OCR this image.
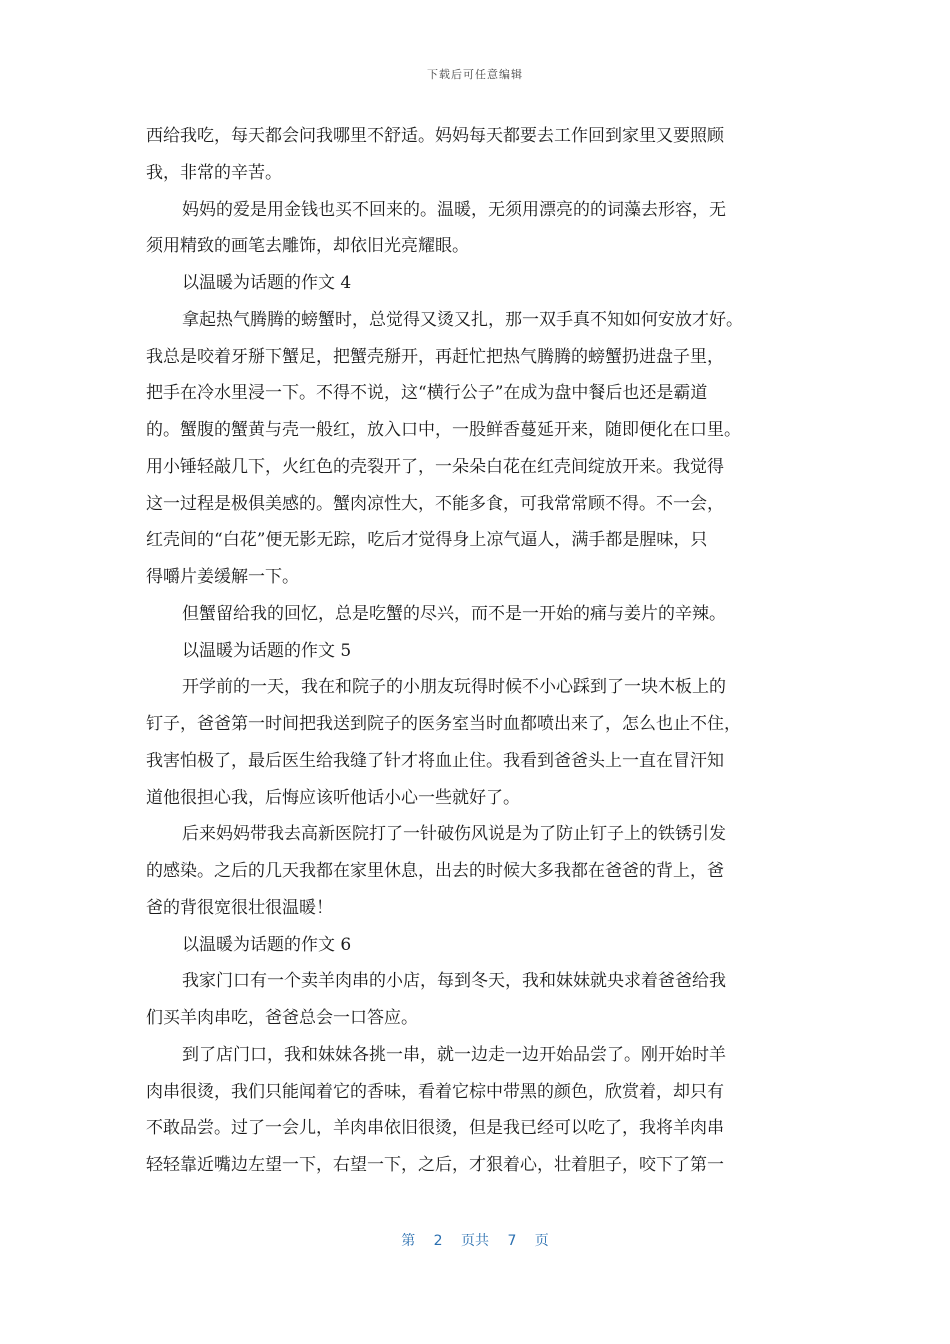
下载后可任意编辑
西给我吃，每天都会问我哪里不舒适。妈妈每天都要去工作回到家里又要照顾
我，非常的辛苦。
妈妈的爱是用金钱也买不回来的。温暖，无须用漂亮的的词藻去形容，无
须用精致的画笔去雕饰，却依旧光亮耀眼。
以温暖为话题的作文 4
拿起热气腾腾的螃蟹时，总觉得又烫又扎，那一双手真不知如何安放才好。
我总是咬着牙掰下蟹足，把蟹壳掰开，再赶忙把热气腾腾的螃蟹扔进盘子里，
把手在冷水里浸一下。不得不说，这“横行公子”在成为盘中餐后也还是霸道
的。蟹腹的蟹黄与壳一般红，放入口中，一股鲜香蔓延开来，随即便化在口里。
用小锤轻敲几下，火红色的壳裂开了，一朵朵白花在红壳间绽放开来。我觉得
这一过程是极俱美感的。蟹肉凉性大，不能多食，可我常常顾不得。不一会，
红壳间的“白花”便无影无踪，吃后才觉得身上凉气逼人，满手都是腥味，只
得嚼片姜缓解一下。
但蟹留给我的回忆，总是吃蟹的尽兴，而不是一开始的痛与姜片的辛辣。
以温暖为话题的作文 5
开学前的一天，我在和院子的小朋友玩得时候不小心踩到了一块木板上的
钉子，爸爸第一时间把我送到院子的医务室当时血都喷出来了，怎么也止不住，
我害怕极了，最后医生给我缝了针才将血止住。我看到爸爸头上一直在冒汗知
道他很担心我，后悔应该听他话小心一些就好了。
后来妈妈带我去高新医院打了一针破伤风说是为了防止钉子上的铁锈引发
的感染。之后的几天我都在家里休息，出去的时候大多我都在爸爸的背上，爸
爸的背很宽很壮很温暖！
以温暖为话题的作文 6
我家门口有一个卖羊肉串的小店，每到冬天，我和妹妹就央求着爸爸给我
们买羊肉串吃，爸爸总会一口答应。
到了店门口，我和妹妹各挑一串，就一边走一边开始品尝了。刚开始时羊
肉串很烫，我们只能闻着它的香味，看着它棕中带黑的颜色，欣赏着，却只有
不敢品尝。过了一会儿，羊肉串依旧很烫，但是我已经可以吃了，我将羊肉串
轻轻靠近嘴边左望一下，右望一下，之后，才狠着心，壮着胆子，咬下了第一
第 2 页共 7 页
